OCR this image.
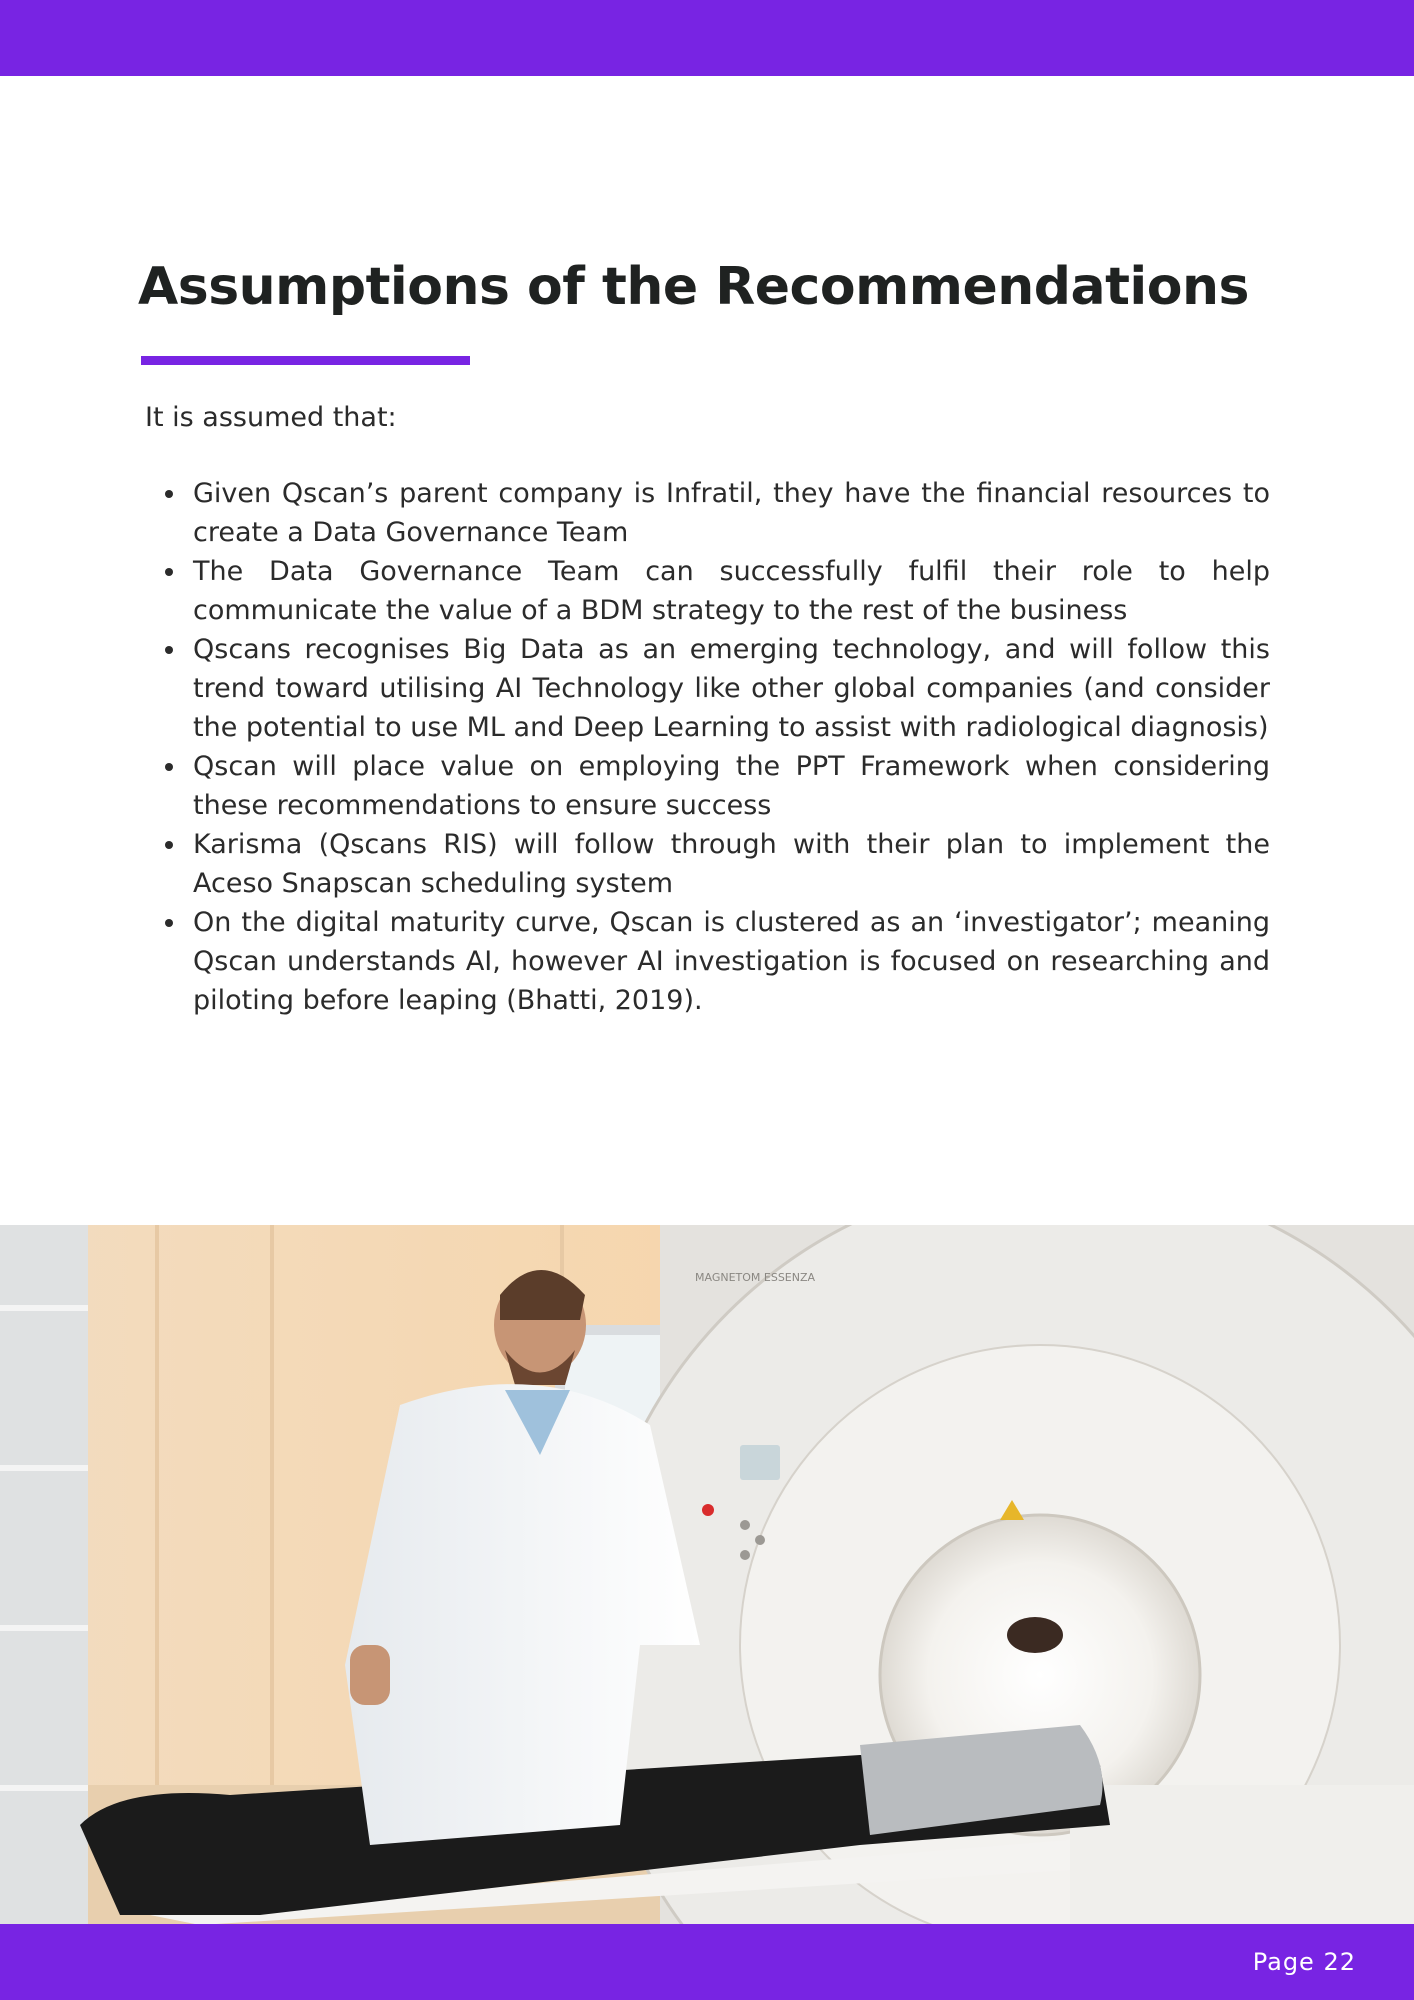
Assumptions of the Recommendations

It is assumed that:

Given Qscan’s parent company is Infratil, they have the financial resources to create a Data Governance Team
The Data Governance Team can successfully fulfil their role to help communicate the value of a BDM strategy to the rest of the business
Qscans recognises Big Data as an emerging technology, and will follow this trend toward utilising AI Technology like other global companies (and consider the potential to use ML and Deep Learning to assist with radiological diagnosis)
Qscan will place value on employing the PPT Framework when considering these recommendations to ensure success
Karisma (Qscans RIS) will follow through with their plan to implement the Aceso Snapscan scheduling system
On the digital maturity curve, Qscan is clustered as an ‘investigator’; meaning Qscan understands AI, however AI investigation is focused on researching and piloting before leaping (Bhatti, 2019).
MAGNETOM ESSENZA
Page 22
